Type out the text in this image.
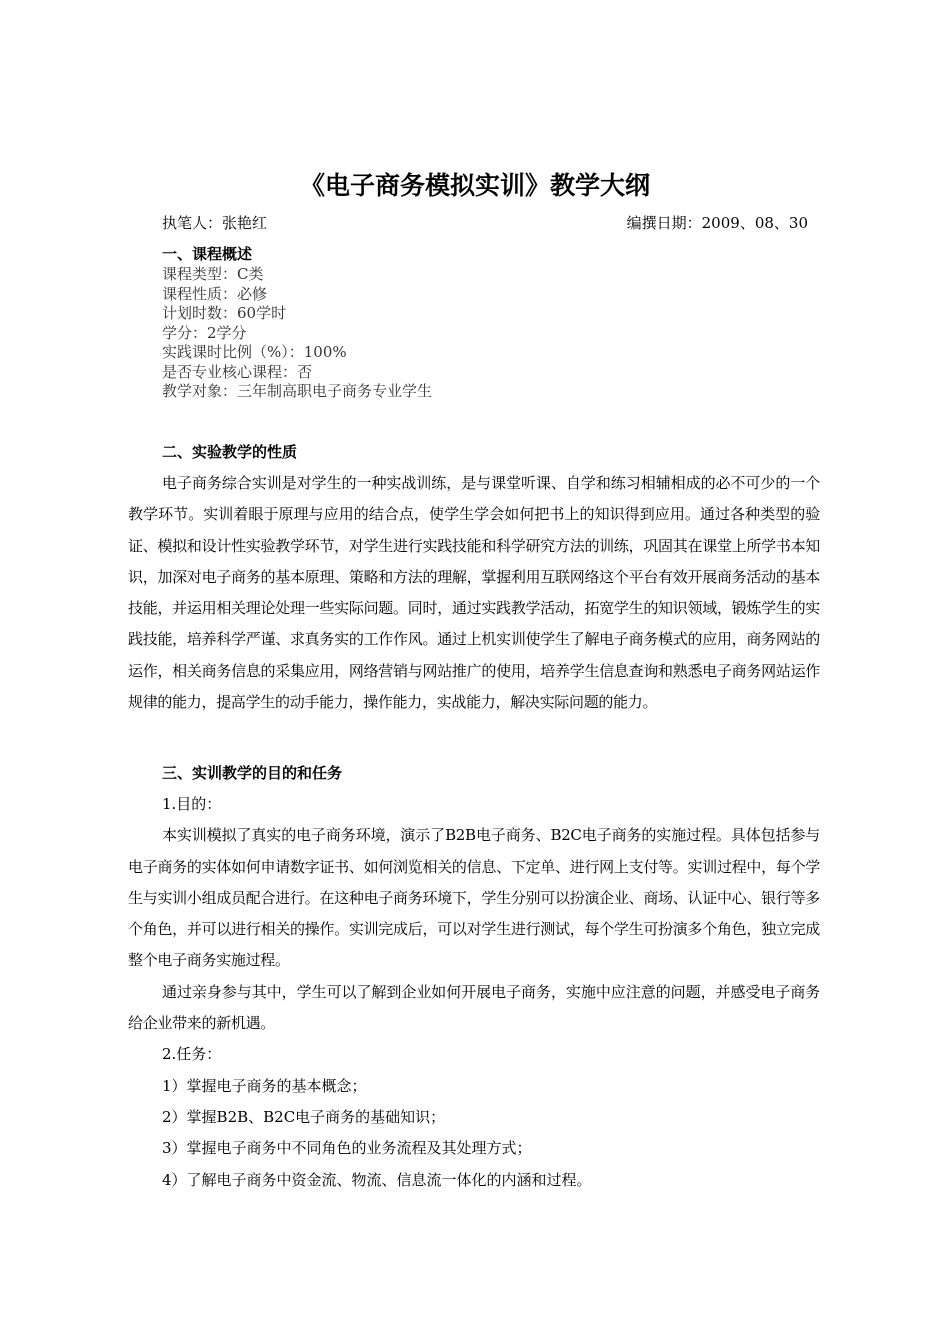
《电子商务模拟实训》教学大纲
执笔人：张艳红	编撰日期：2009、08、30
一、课程概述
课程类型：C类
课程性质：必修
计划时数：60学时
学分：2学分
实践课时比例（%）：100%
是否专业核心课程：否
教学对象：三年制高职电子商务专业学生
二、实验教学的性质

电子商务综合实训是对学生的一种实战训练，是与课堂听课、自学和练习相辅相成的必不可少的一个教学环节。实训着眼于原理与应用的结合点，使学生学会如何把书上的知识得到应用。通过各种类型的验证、模拟和设计性实验教学环节，对学生进行实践技能和科学研究方法的训练，巩固其在课堂上所学书本知识，加深对电子商务的基本原理、策略和方法的理解，掌握利用互联网络这个平台有效开展商务活动的基本技能，并运用相关理论处理一些实际问题。同时，通过实践教学活动，拓宽学生的知识领域，锻炼学生的实践技能，培养科学严谨、求真务实的工作作风。通过上机实训使学生了解电子商务模式的应用，商务网站的运作，相关商务信息的采集应用，网络营销与网站推广的使用，培养学生信息查询和熟悉电子商务网站运作规律的能力，提高学生的动手能力，操作能力，实战能力，解决实际问题的能力。

三、实训教学的目的和任务
1.目的：

本实训模拟了真实的电子商务环境，演示了B2B电子商务、B2C电子商务的实施过程。具体包括参与电子商务的实体如何申请数字证书、如何浏览相关的信息、下定单、进行网上支付等。实训过程中，每个学生与实训小组成员配合进行。在这种电子商务环境下，学生分别可以扮演企业、商场、认证中心、银行等多个角色，并可以进行相关的操作。实训完成后，可以对学生进行测试，每个学生可扮演多个角色，独立完成整个电子商务实施过程。

通过亲身参与其中，学生可以了解到企业如何开展电子商务，实施中应注意的问题，并感受电子商务给企业带来的新机遇。

2.任务：
1）掌握电子商务的基本概念；
2）掌握B2B、B2C电子商务的基础知识；
3）掌握电子商务中不同角色的业务流程及其处理方式；
4）了解电子商务中资金流、物流、信息流一体化的内涵和过程。
